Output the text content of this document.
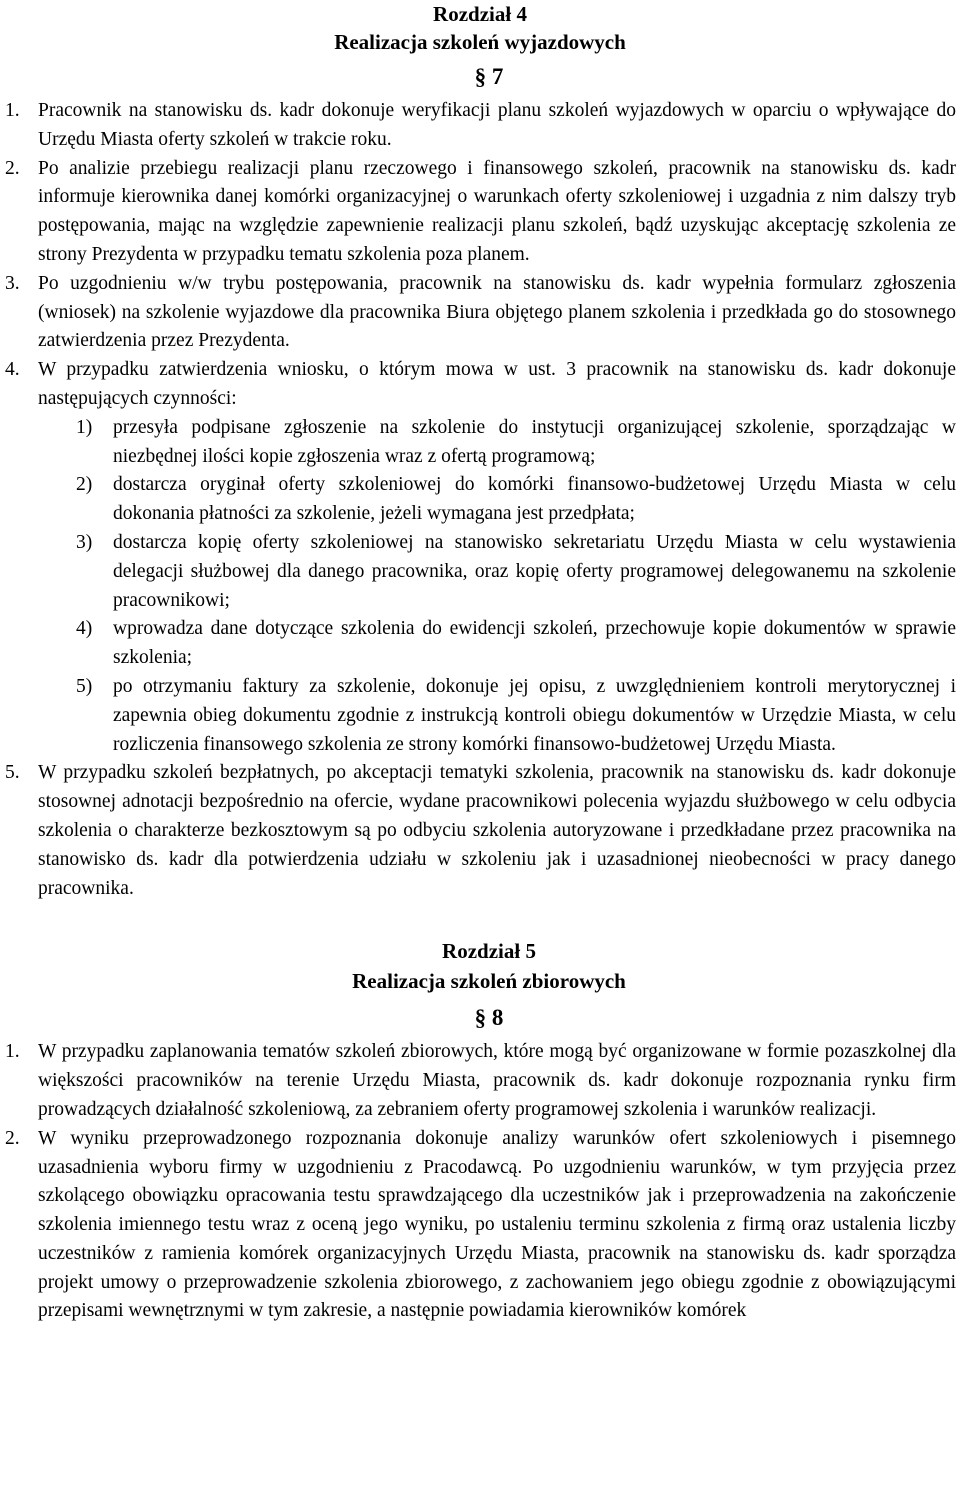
Rozdział 4
Realizacja szkoleń wyjazdowych
§ 7
1. Pracownik na stanowisku ds. kadr dokonuje weryfikacji planu szkoleń wyjazdowych w oparciu o wpływające do Urzędu Miasta oferty szkoleń w trakcie roku.
2. Po analizie przebiegu realizacji planu rzeczowego i finansowego szkoleń, pracownik na stanowisku ds. kadr informuje kierownika danej komórki organizacyjnej o warunkach oferty szkoleniowej i uzgadnia z nim dalszy tryb postępowania, mając na względzie zapewnienie realizacji planu szkoleń, bądź uzyskując akceptację szkolenia ze strony Prezydenta w przypadku tematu szkolenia poza planem.
3. Po uzgodnieniu w/w trybu postępowania, pracownik na stanowisku ds. kadr wypełnia formularz zgłoszenia (wniosek) na szkolenie wyjazdowe dla pracownika Biura objętego planem szkolenia i przedkłada go do stosownego zatwierdzenia przez Prezydenta.
4. W przypadku zatwierdzenia wniosku, o którym mowa w ust. 3 pracownik na stanowisku ds. kadr dokonuje następujących czynności:
1) przesyła podpisane zgłoszenie na szkolenie do instytucji organizującej szkolenie, sporządzając w niezbędnej ilości kopie zgłoszenia wraz z ofertą programową;
2) dostarcza oryginał oferty szkoleniowej do komórki finansowo-budżetowej Urzędu Miasta w celu dokonania płatności za szkolenie, jeżeli wymagana jest przedpłata;
3) dostarcza kopię oferty szkoleniowej na stanowisko sekretariatu Urzędu Miasta w celu wystawienia delegacji służbowej dla danego pracownika, oraz kopię oferty programowej delegowanemu na szkolenie pracownikowi;
4) wprowadza dane dotyczące szkolenia do ewidencji szkoleń, przechowuje kopie dokumentów w sprawie szkolenia;
5) po otrzymaniu faktury za szkolenie, dokonuje jej opisu, z uwzględnieniem kontroli merytorycznej i zapewnia obieg dokumentu zgodnie z instrukcją kontroli obiegu dokumentów w Urzędzie Miasta, w celu rozliczenia finansowego szkolenia ze strony komórki finansowo-budżetowej Urzędu Miasta.
5. W przypadku szkoleń bezpłatnych, po akceptacji tematyki szkolenia, pracownik na stanowisku ds. kadr dokonuje stosownej adnotacji bezpośrednio na ofercie, wydane pracownikowi polecenia wyjazdu służbowego w celu odbycia szkolenia o charakterze bezkosztowym są po odbyciu szkolenia autoryzowane i przedkładane przez pracownika na stanowisko ds. kadr dla potwierdzenia udziału w szkoleniu jak i uzasadnionej nieobecności w pracy danego pracownika.
Rozdział 5
Realizacja szkoleń zbiorowych
§ 8
1. W przypadku zaplanowania tematów szkoleń zbiorowych, które mogą być organizowane w formie pozaszkolnej dla większości pracowników na terenie Urzędu Miasta, pracownik ds. kadr dokonuje rozpoznania rynku firm prowadzących działalność szkoleniową, za zebraniem oferty programowej szkolenia i warunków realizacji.
2. W wyniku przeprowadzonego rozpoznania dokonuje analizy warunków ofert szkoleniowych i pisemnego uzasadnienia wyboru firmy w uzgodnieniu z Pracodawcą. Po uzgodnieniu warunków, w tym przyjęcia przez szkolącego obowiązku opracowania testu sprawdzającego dla uczestników jak i przeprowadzenia na zakończenie szkolenia imiennego testu wraz z oceną jego wyniku, po ustaleniu terminu szkolenia z firmą oraz ustalenia liczby uczestników z ramienia komórek organizacyjnych Urzędu Miasta, pracownik na stanowisku ds. kadr sporządza projekt umowy o przeprowadzenie szkolenia zbiorowego, z zachowaniem jego obiegu zgodnie z obowiązującymi przepisami wewnętrznymi w tym zakresie, a następnie powiadamia kierowników komórek
